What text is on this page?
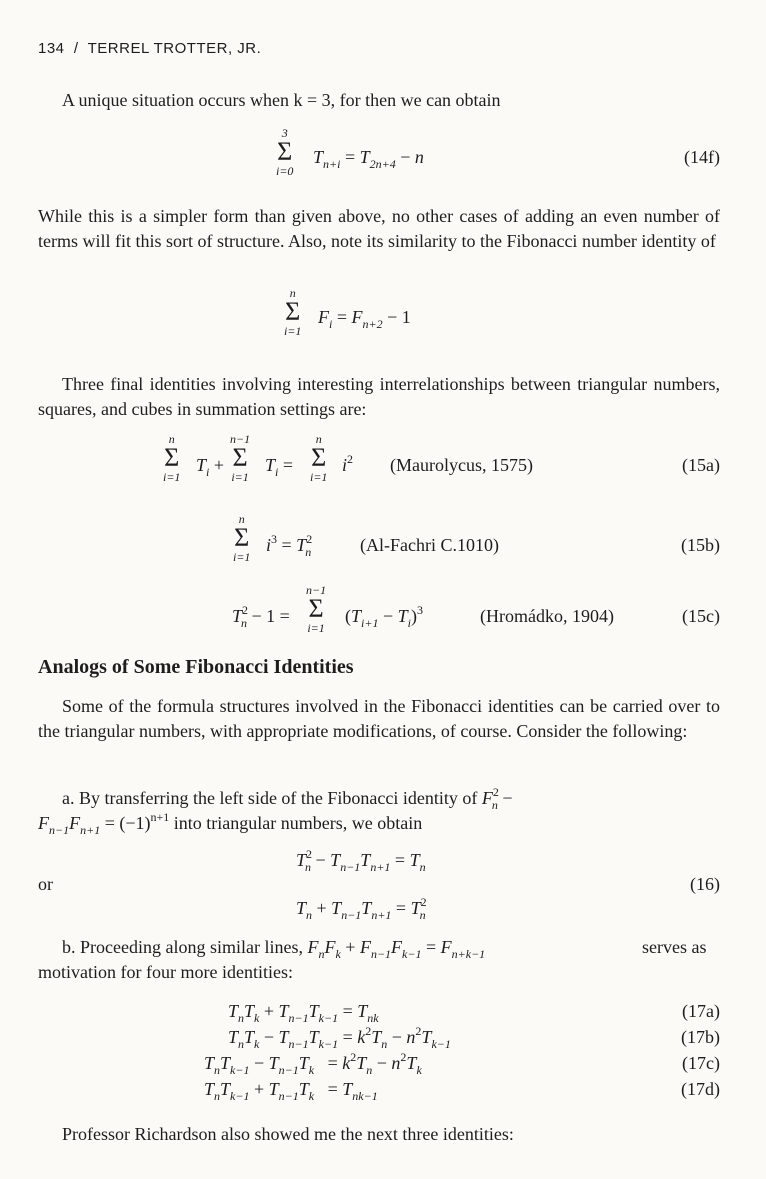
134 / TERREL TROTTER, JR.
A unique situation occurs when k = 3, for then we can obtain
3
Σ
i=0
$T_{n+i} = T_{2n+4} - n$	(14f)
While this is a simpler form than given above, no other cases of adding an even number of terms will fit this sort of structure. Also, note its similarity to the Fibonacci number identity of
n
Σ
i=1
$F_i = F_{n+2} - 1$
Three final identities involving interesting interrelationships between triangular numbers, squares, and cubes in summation settings are:
n
Σ
i=1
$T_i$ +
n−1
Σ
i=1
$T_i$ =
n
Σ
i=1
$i^2$ (Maurolycus, 1575)	(15a)
n
Σ
i=1
$i^3 = T^2_n$	(Al-Fachri C.1010)	(15b)
$T^2_n - 1$ =
n−1
Σ
i=1
$(T_{i+1} - T_i)^3$	(Hromádko, 1904)	(15c)
Analogs of Some Fibonacci Identities
Some of the formula structures involved in the Fibonacci identities can be carried over to the triangular numbers, with appropriate modifications, of course. Consider the following:
a. By transferring the left side of the Fibonacci identity of $F^2_n$ −
$F_{n-1}F_{n+1} = (-1)^{n+1}$ into triangular numbers, we obtain
$T^2_n - T_{n-1}T_{n+1} = T_n$
or	(16)
$T_n + T_{n-1}T_{n+1} = T^2_n$
b. Proceeding along similar lines, $F_nF_k + F_{n-1}F_{k-1} = F_{n+k-1}$	serves as
motivation for four more identities:
$T_nT_k + T_{n-1}T_{k-1} = T_{nk}$	(17a)
$T_nT_k - T_{n-1}T_{k-1} = k^2T_n - n^2T_{k-1}$	(17b)
$T_nT_{k-1} - T_{n-1}T_k = k^2T_n - n^2T_k$	(17c)
$T_nT_{k-1} + T_{n-1}T_k = T_{nk-1}$	(17d)
Professor Richardson also showed me the next three identities:
